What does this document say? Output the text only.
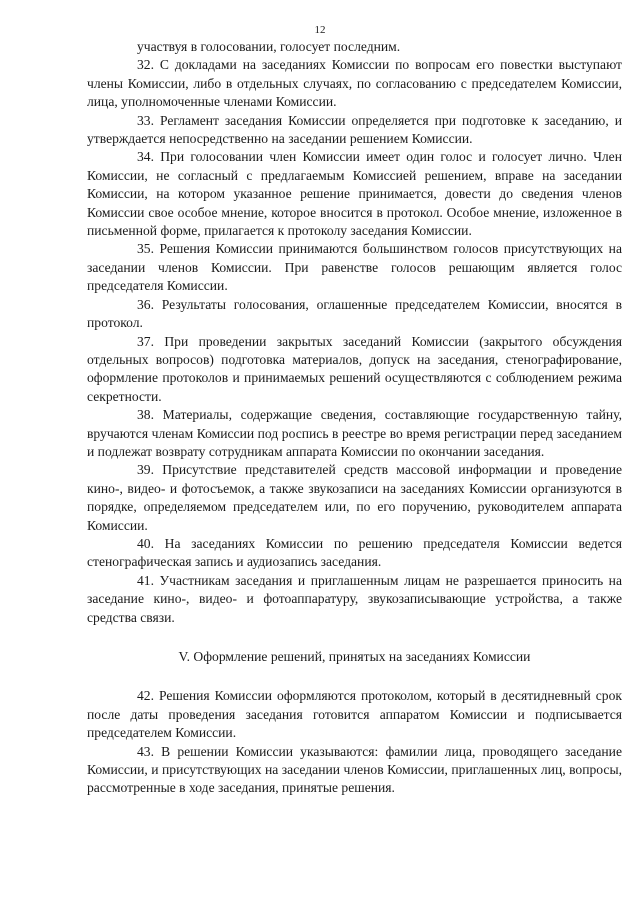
12

участвуя в голосовании, голосует последним.

32. С докладами на заседаниях Комиссии по вопросам его повестки выступают члены Комиссии, либо в отдельных случаях, по согласованию с председателем Комиссии, лица, уполномоченные членами Комиссии.

33. Регламент заседания Комиссии определяется при подготовке к заседанию, и утверждается непосредственно на заседании решением Комиссии.

34. При голосовании член Комиссии имеет один голос и голосует лично. Член Комиссии, не согласный с предлагаемым Комиссией решением, вправе на заседании Комиссии, на котором указанное решение принимается, довести до сведения членов Комиссии свое особое мнение, которое вносится в протокол. Особое мнение, изложенное в письменной форме, прилагается к протоколу заседания Комиссии.

35. Решения Комиссии принимаются большинством голосов присутствующих на заседании членов Комиссии. При равенстве голосов решающим является голос председателя Комиссии.

36. Результаты голосования, оглашенные председателем Комиссии, вносятся в протокол.

37. При проведении закрытых заседаний Комиссии (закрытого обсуждения отдельных вопросов) подготовка материалов, допуск на заседания, стенографирование, оформление протоколов и принимаемых решений осуществляются с соблюдением режима секретности.

38. Материалы, содержащие сведения, составляющие государственную тайну, вручаются членам Комиссии под роспись в реестре во время регистрации перед заседанием и подлежат возврату сотрудникам аппарата Комиссии по окончании заседания.

39. Присутствие представителей средств массовой информации и проведение кино-, видео- и фотосъемок, а также звукозаписи на заседаниях Комиссии организуются в порядке, определяемом председателем или, по его поручению, руководителем аппарата Комиссии.

40. На заседаниях Комиссии по решению председателя Комиссии ведется стенографическая запись и аудиозапись заседания.

41. Участникам заседания и приглашенным лицам не разрешается приносить на заседание кино-, видео- и фотоаппаратуру, звукозаписывающие устройства, а также средства связи.

V. Оформление решений, принятых на заседаниях Комиссии

42. Решения Комиссии оформляются протоколом, который в десятидневный срок после даты проведения заседания готовится аппаратом Комиссии и подписывается председателем Комиссии.

43. В решении Комиссии указываются: фамилии лица, проводящего заседание Комиссии, и присутствующих на заседании членов Комиссии, приглашенных лиц, вопросы, рассмотренные в ходе заседания, принятые решения.
